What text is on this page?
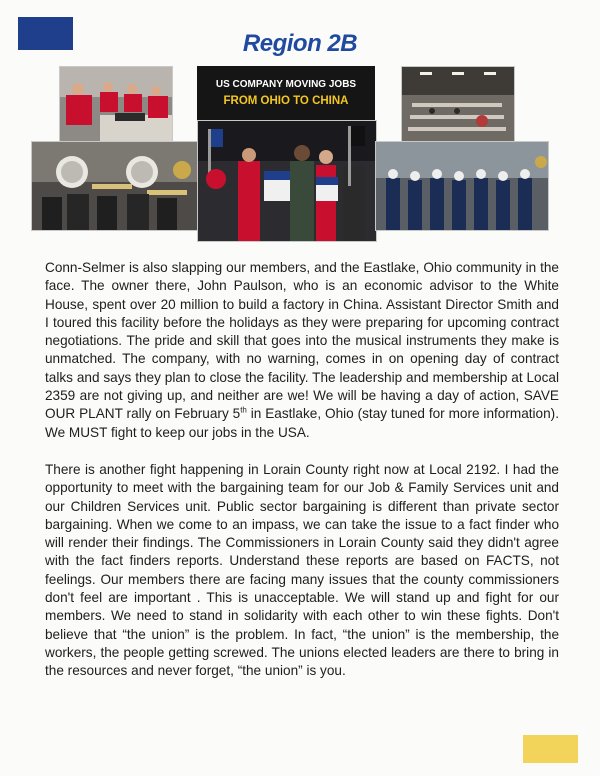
Region 2B
US COMPANY MOVING JOBS
FROM OHIO TO CHINA

Conn-Selmer is also slapping our members, and the Eastlake, Ohio community in the face. The owner there, John Paulson, who is an economic advisor to the White House, spent over 20 million to build a factory in China. Assistant Director Smith and I toured this facility before the holidays as they were preparing for upcoming contract negotiations. The pride and skill that goes into the musical instruments they make is unmatched. The company, with no warning, comes in on opening day of contract talks and says they plan to close the facility. The leadership and membership at Local 2359 are not giving up, and neither are we! We will be having a day of action, SAVE OUR PLANT rally on February 5th in Eastlake, Ohio (stay tuned for more information). We MUST fight to keep our jobs in the USA.

There is another fight happening in Lorain County right now at Local 2192. I had the opportunity to meet with the bargaining team for our Job & Family Services unit and our Children Services unit. Public sector bargaining is different than private sector bargaining. When we come to an impass, we can take the issue to a fact finder who will render their findings. The Commissioners in Lorain County said they didn't agree with the fact finders reports. Understand these reports are based on FACTS, not feelings. Our members there are facing many issues that the county commissioners don't feel are important . This is unacceptable. We will stand up and fight for our members. We need to stand in solidarity with each other to win these fights. Don't believe that “the union” is the problem. In fact, “the union” is the membership, the workers, the people getting screwed. The unions elected leaders are there to bring in the resources and never forget, “the union” is you.
